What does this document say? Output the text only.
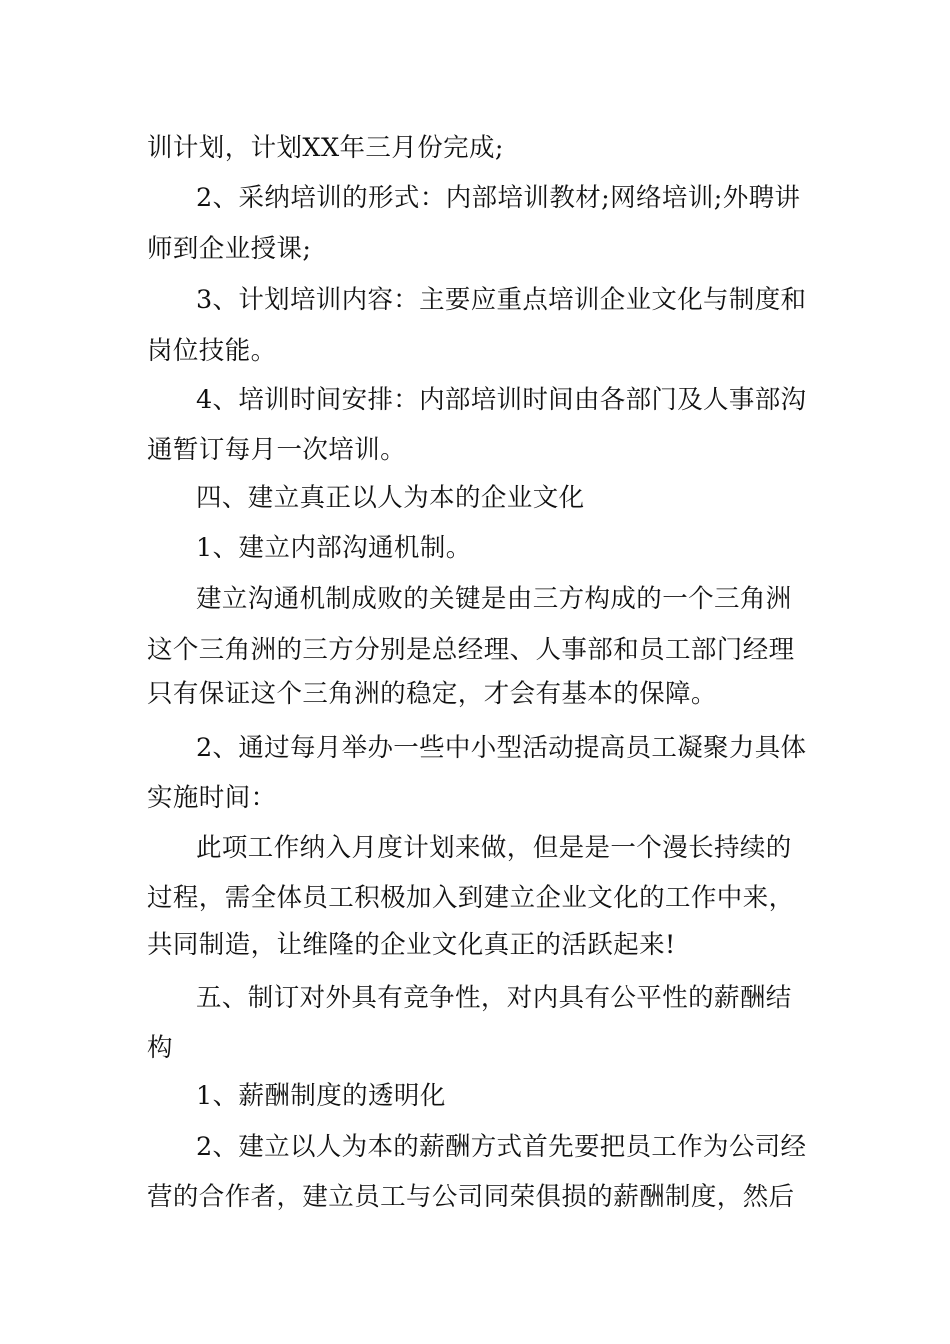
训计划，计划XX年三月份完成;
2、采纳培训的形式：内部培训教材;网络培训;外聘讲
师到企业授课;
3、计划培训内容：主要应重点培训企业文化与制度和
岗位技能。
4、培训时间安排：内部培训时间由各部门及人事部沟
通暂订每月一次培训。
四、建立真正以人为本的企业文化
1、建立内部沟通机制。
建立沟通机制成败的关键是由三方构成的一个三角洲
这个三角洲的三方分别是总经理、人事部和员工部门经理
只有保证这个三角洲的稳定，才会有基本的保障。
2、通过每月举办一些中小型活动提高员工凝聚力具体
实施时间：
此项工作纳入月度计划来做，但是是一个漫长持续的
过程，需全体员工积极加入到建立企业文化的工作中来，
共同制造，让维隆的企业文化真正的活跃起来!
五、制订对外具有竞争性，对内具有公平性的薪酬结
构
1、薪酬制度的透明化
2、建立以人为本的薪酬方式首先要把员工作为公司经
营的合作者，建立员工与公司同荣俱损的薪酬制度，然后
